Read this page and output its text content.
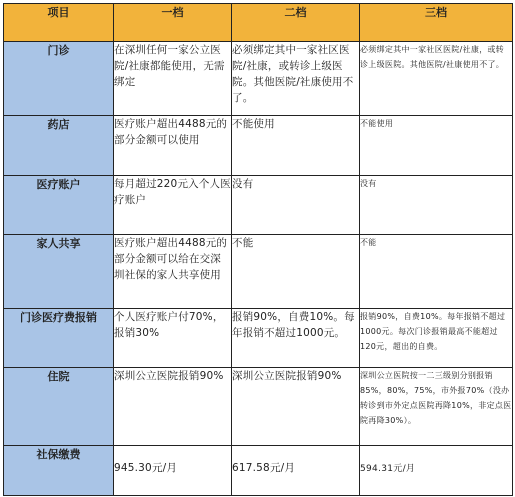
项目	一档	二档	三档
门诊	在深圳任何一家公立医院/社康都能使用，无需绑定	必须绑定其中一家社区医院/社康，或转诊上级医院。其他医院/社康使用不了。	必须绑定其中一家社区医院/社康，或转诊上级医院。其他医院/社康使用不了。
药店	医疗账户超出4488元的部分金额可以使用	不能使用	不能使用
医疗账户	每月超过220元入个人医疗账户	没有	没有
家人共享	医疗账户超出4488元的部分金额可以给在交深圳社保的家人共享使用	不能	不能
门诊医疗费报销	个人医疗账户付70%，报销30%	报销90%，自费10%。每年报销不超过1000元。	报销90%，自费10%。每年报销不超过1000元。每次门诊报销最高不能超过120元，超出的自费。
住院	深圳公立医院报销90%	深圳公立医院报销90%	深圳公立医院按一二三级别分别报销85%，80%，75%，市外报70%（没办转诊到市外定点医院再降10%，非定点医院再降30%）。
社保缴费	945.30元/月	617.58元/月	594.31元/月
